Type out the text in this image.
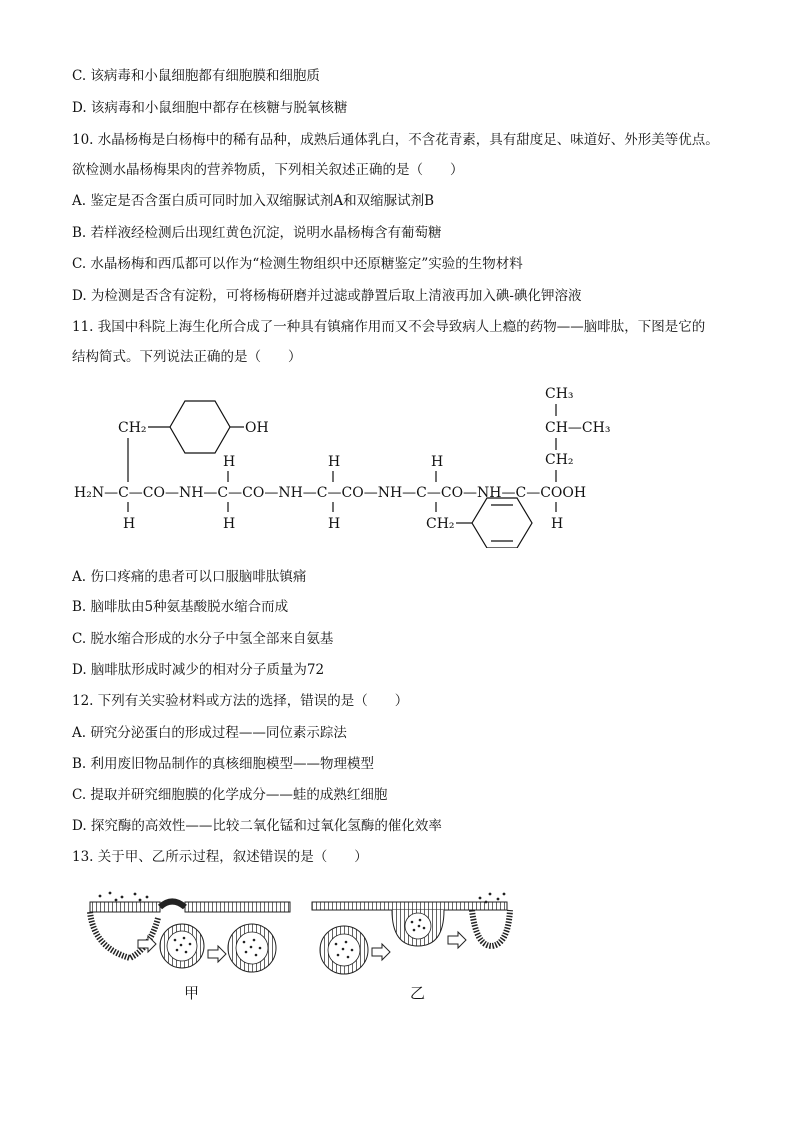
C. 该病毒和小鼠细胞都有细胞膜和细胞质
D. 该病毒和小鼠细胞中都存在核糖与脱氧核糖
10. 水晶杨梅是白杨梅中的稀有品种，成熟后通体乳白，不含花青素，具有甜度足、味道好、外形美等优点。
欲检测水晶杨梅果肉的营养物质，下列相关叙述正确的是（　　）
A. 鉴定是否含蛋白质可同时加入双缩脲试剂A和双缩脲试剂B
B. 若样液经检测后出现红黄色沉淀，说明水晶杨梅含有葡萄糖
C. 水晶杨梅和西瓜都可以作为“检测生物组织中还原糖鉴定”实验的生物材料
D. 为检测是否含有淀粉，可将杨梅研磨并过滤或静置后取上清液再加入碘-碘化钾溶液
11. 我国中科院上海生化所合成了一种具有镇痛作用而又不会导致病人上瘾的药物——脑啡肽，下图是它的
结构简式。下列说法正确的是（　　）
CH₃
CH—CH₃
CH₂
CH₂	OH
H	H	H
H₂N—C—CO—NH—C—CO—NH—C—CO—NH—C—CO—NH—C—COOH
H	H	H	H
CH₂
A. 伤口疼痛的患者可以口服脑啡肽镇痛
B. 脑啡肽由5种氨基酸脱水缩合而成
C. 脱水缩合形成的水分子中氢全部来自氨基
D. 脑啡肽形成时减少的相对分子质量为72
12. 下列有关实验材料或方法的选择，错误的是（　　）
A. 研究分泌蛋白的形成过程——同位素示踪法
B. 利用废旧物品制作的真核细胞模型——物理模型
C. 提取并研究细胞膜的化学成分——蛙的成熟红细胞
D. 探究酶的高效性——比较二氧化锰和过氧化氢酶的催化效率
13. 关于甲、乙所示过程，叙述错误的是（　　）
甲	乙
